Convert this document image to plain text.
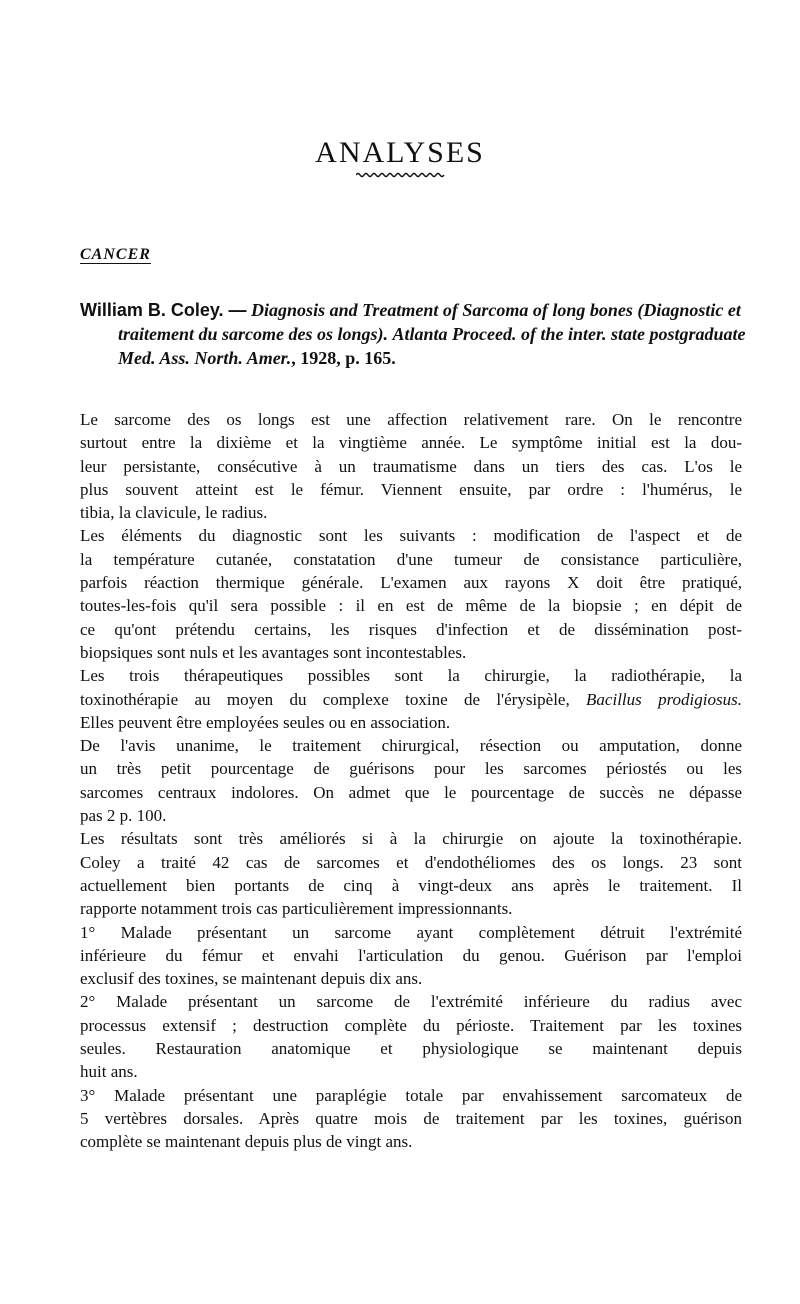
ANALYSES
CANCER
William B. Coley. — Diagnosis and Treatment of Sarcoma of long bones (Diagnostic et traitement du sarcome des os longs). Atlanta Proceed. of the inter. state postgraduate Med. Ass. North. Amer., 1928, p. 165.

Le sarcome des os longs est une affection relativement rare. On le rencontre
surtout entre la dixième et la vingtième année. Le symptôme initial est la dou-
leur persistante, consécutive à un traumatisme dans un tiers des cas. L'os le
plus souvent atteint est le fémur. Viennent ensuite, par ordre : l'humérus, le
tibia, la clavicule, le radius.

Les éléments du diagnostic sont les suivants : modification de l'aspect et de
la température cutanée, constatation d'une tumeur de consistance particulière,
parfois réaction thermique générale. L'examen aux rayons X doit être pratiqué,
toutes-les-fois qu'il sera possible : il en est de même de la biopsie ; en dépit de
ce qu'ont prétendu certains, les risques d'infection et de dissémination post-
biopsiques sont nuls et les avantages sont incontestables.

Les trois thérapeutiques possibles sont la chirurgie, la radiothérapie, la
toxinothérapie au moyen du complexe toxine de l'érysipèle, Bacillus prodigiosus.
Elles peuvent être employées seules ou en association.

De l'avis unanime, le traitement chirurgical, résection ou amputation, donne
un très petit pourcentage de guérisons pour les sarcomes périostés ou les
sarcomes centraux indolores. On admet que le pourcentage de succès ne dépasse
pas 2 p. 100.

Les résultats sont très améliorés si à la chirurgie on ajoute la toxinothérapie.
Coley a traité 42 cas de sarcomes et d'endothéliomes des os longs. 23 sont
actuellement bien portants de cinq à vingt-deux ans après le traitement. Il
rapporte notamment trois cas particulièrement impressionnants.

1° Malade présentant un sarcome ayant complètement détruit l'extrémité
inférieure du fémur et envahi l'articulation du genou. Guérison par l'emploi
exclusif des toxines, se maintenant depuis dix ans.

2° Malade présentant un sarcome de l'extrémité inférieure du radius avec
processus extensif ; destruction complète du périoste. Traitement par les toxines
seules. Restauration anatomique et physiologique se maintenant depuis
huit ans.

3° Malade présentant une paraplégie totale par envahissement sarcomateux de
5 vertèbres dorsales. Après quatre mois de traitement par les toxines, guérison
complète se maintenant depuis plus de vingt ans.
